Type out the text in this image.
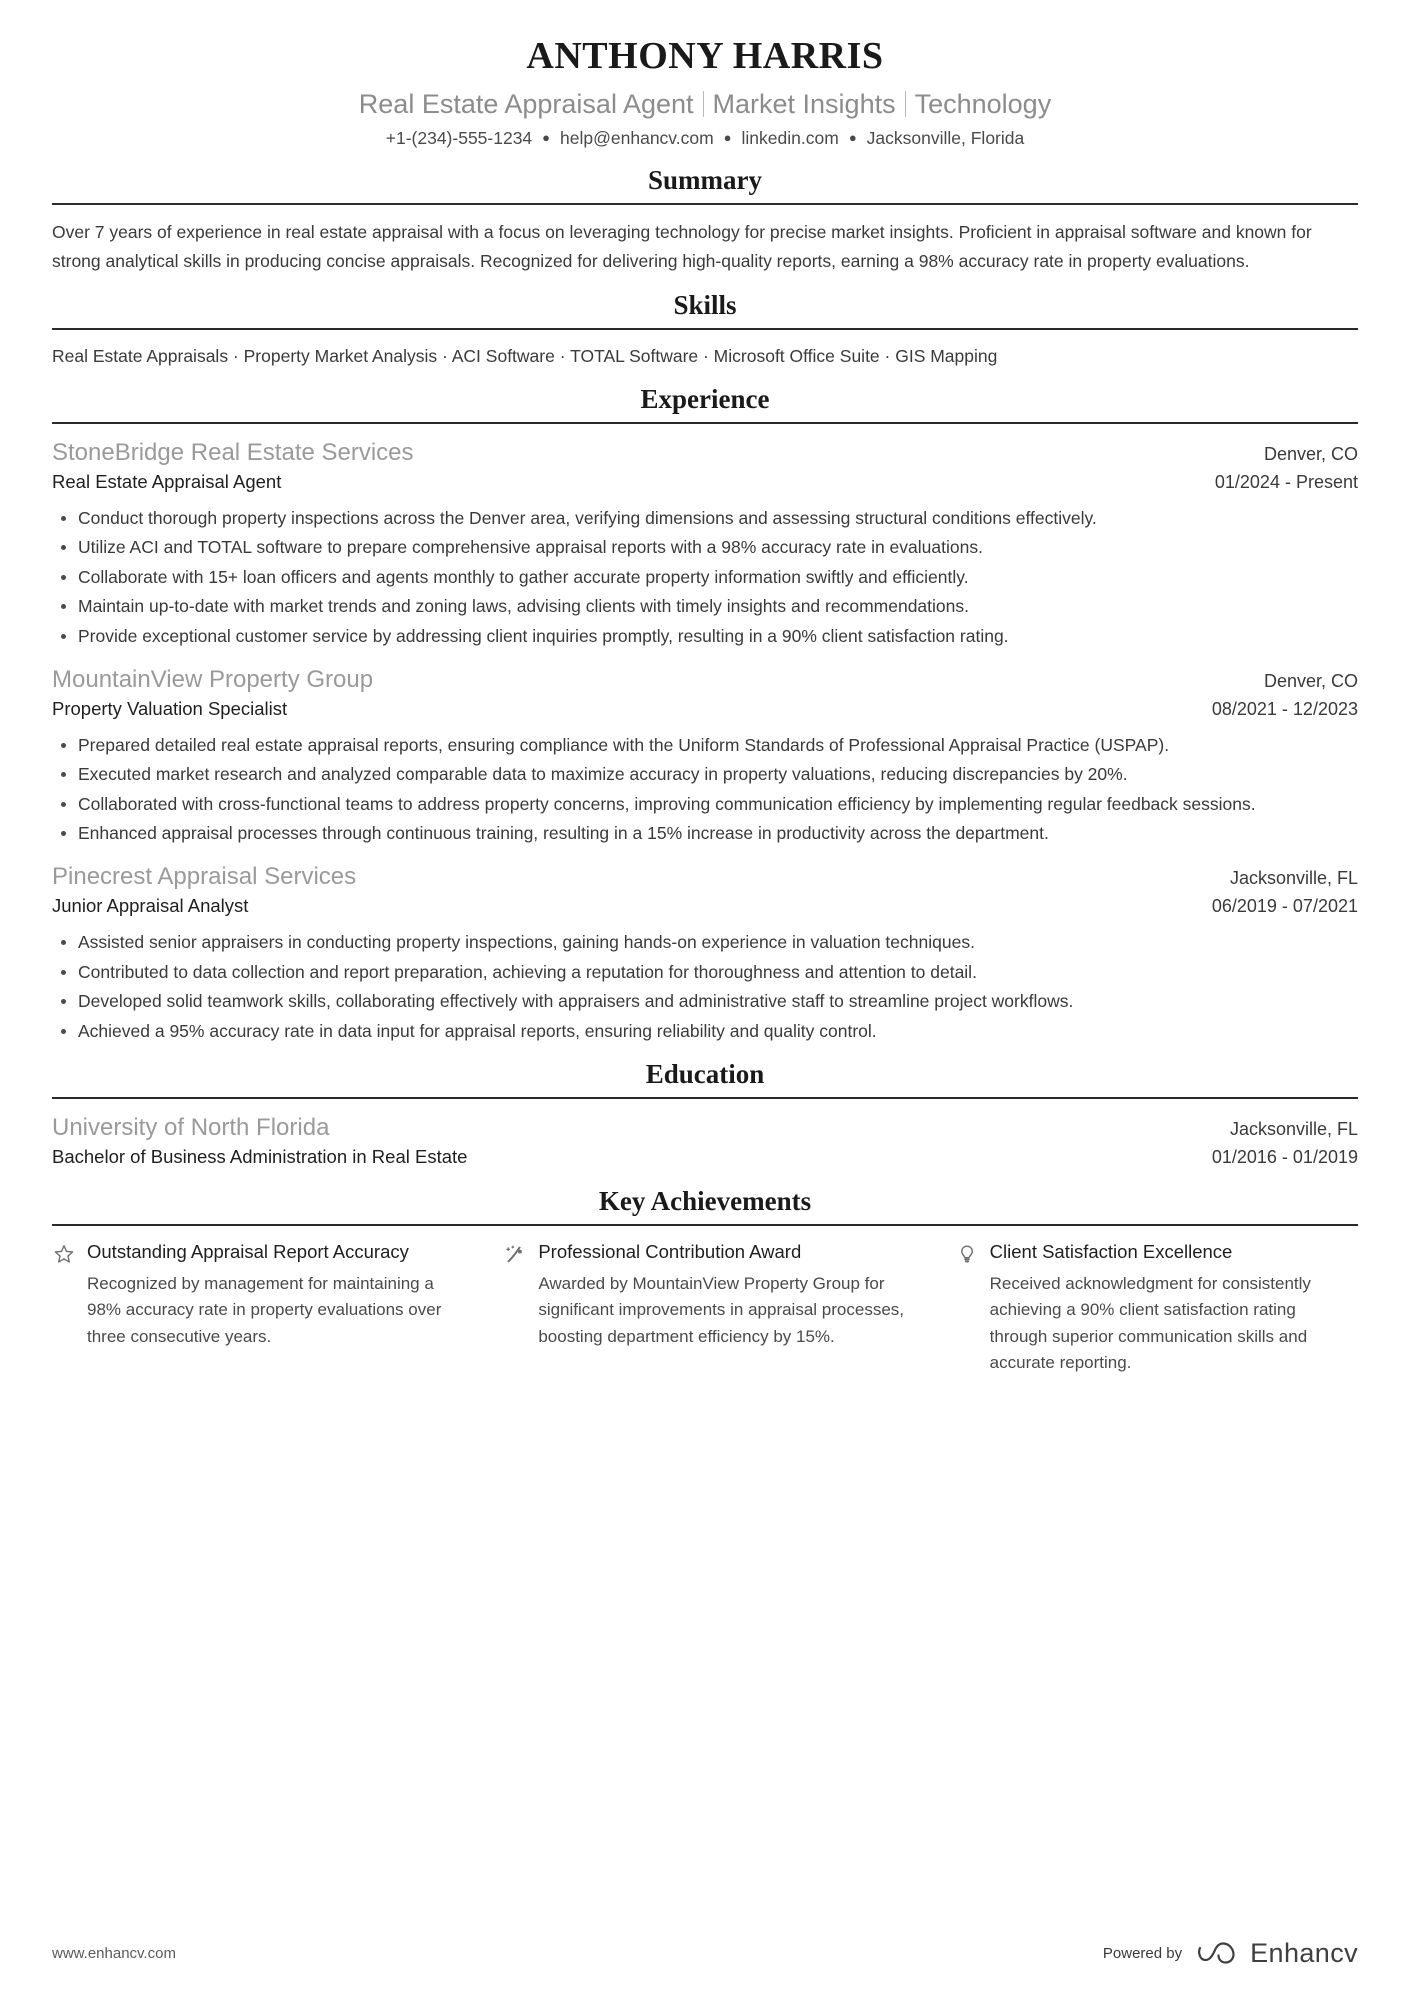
ANTHONY HARRIS
Real Estate Appraisal Agent Market Insights Technology
+1-(234)-555-1234 ● help@enhancv.com ● linkedin.com ● Jacksonville, Florida
Summary

Over 7 years of experience in real estate appraisal with a focus on leveraging technology for precise market insights. Proficient in appraisal software and known for strong analytical skills in producing concise appraisals. Recognized for delivering high-quality reports, earning a 98% accuracy rate in property evaluations.

Skills

Real Estate Appraisals · Property Market Analysis · ACI Software · TOTAL Software · Microsoft Office Suite · GIS Mapping

Experience
StoneBridge Real Estate Services	Denver, CO
Real Estate Appraisal Agent	01/2024 - Present
Conduct thorough property inspections across the Denver area, verifying dimensions and assessing structural conditions effectively.
Utilize ACI and TOTAL software to prepare comprehensive appraisal reports with a 98% accuracy rate in evaluations.
Collaborate with 15+ loan officers and agents monthly to gather accurate property information swiftly and efficiently.
Maintain up-to-date with market trends and zoning laws, advising clients with timely insights and recommendations.
Provide exceptional customer service by addressing client inquiries promptly, resulting in a 90% client satisfaction rating.
MountainView Property Group	Denver, CO
Property Valuation Specialist	08/2021 - 12/2023
Prepared detailed real estate appraisal reports, ensuring compliance with the Uniform Standards of Professional Appraisal Practice (USPAP).
Executed market research and analyzed comparable data to maximize accuracy in property valuations, reducing discrepancies by 20%.
Collaborated with cross-functional teams to address property concerns, improving communication efficiency by implementing regular feedback sessions.
Enhanced appraisal processes through continuous training, resulting in a 15% increase in productivity across the department.
Pinecrest Appraisal Services	Jacksonville, FL
Junior Appraisal Analyst	06/2019 - 07/2021
Assisted senior appraisers in conducting property inspections, gaining hands-on experience in valuation techniques.
Contributed to data collection and report preparation, achieving a reputation for thoroughness and attention to detail.
Developed solid teamwork skills, collaborating effectively with appraisers and administrative staff to streamline project workflows.
Achieved a 95% accuracy rate in data input for appraisal reports, ensuring reliability and quality control.
Education
University of North Florida	Jacksonville, FL
Bachelor of Business Administration in Real Estate	01/2016 - 01/2019
Key Achievements
Outstanding Appraisal Report Accuracy
Recognized by management for maintaining a 98% accuracy rate in property evaluations over three consecutive years.
Professional Contribution Award
Awarded by MountainView Property Group for significant improvements in appraisal processes, boosting department efficiency by 15%.
Client Satisfaction Excellence
Received acknowledgment for consistently achieving a 90% client satisfaction rating through superior communication skills and accurate reporting.
www.enhancv.com	Powered by	Enhancv
